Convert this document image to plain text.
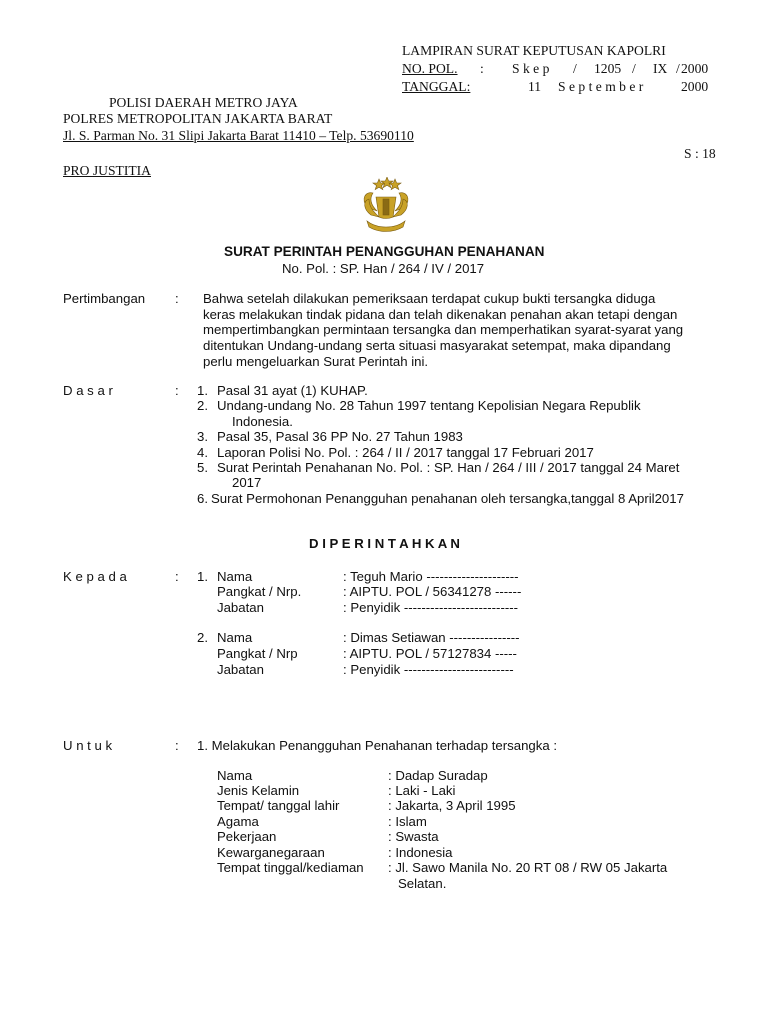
LAMPIRAN SURAT KEPUTUSAN KAPOLRI
NO. POL. : S k e p / 1205 / IX / 2000
TANGGAL:	11 S e p t e m b e r	2000
POLISI DAERAH METRO JAYA
POLRES METROPOLITAN JAKARTA BARAT
Jl. S. Parman No. 31 Slipi Jakarta Barat 11410 – Telp. 53690110
S : 18
PRO JUSTITIA
SURAT PERINTAH PENANGGUHAN PENAHANAN
No. Pol. : SP. Han / 264 / IV / 2017
Pertimbangan : Bahwa setelah dilakukan pemeriksaan terdapat cukup bukti tersangka diduga
keras melakukan tindak pidana dan telah dikenakan penahan akan tetapi dengan
mempertimbangkan permintaan tersangka dan memperhatikan syarat-syarat yang
ditentukan Undang-undang serta situasi masyarakat setempat, maka dipandang
perlu mengeluarkan Surat Perintah ini.
D a s a r	: 1. Pasal 31 ayat (1) KUHAP.
2. Undang-undang No. 28 Tahun 1997 tentang Kepolisian Negara Republik
Indonesia.
3. Pasal 35, Pasal 36 PP No. 27 Tahun 1983
4. Laporan Polisi No. Pol. : 264 / II / 2017 tanggal 17 Februari 2017
5. Surat Perintah Penahanan No. Pol. : SP. Han / 264 / III / 2017 tanggal 24 Maret
2017
6. Surat Permohonan Penangguhan penahanan oleh tersangka,tanggal 8 April2017
D I P E R I N T A H K A N
K e p a d a	: 1. Nama	: Teguh Mario ---------------------
Pangkat / Nrp.	: AIPTU. POL / 56341278 ------
Jabatan	: Penyidik --------------------------
2. Nama	: Dimas Setiawan ----------------
Pangkat / Nrp	: AIPTU. POL / 57127834 -----
Jabatan	: Penyidik -------------------------
U n t u k	: 1. Melakukan Penangguhan Penahanan terhadap tersangka :
Nama	: Dadap Suradap
Jenis Kelamin	: Laki - Laki
Tempat/ tanggal lahir	: Jakarta, 3 April 1995
Agama	: Islam
Pekerjaan	: Swasta
Kewarganegaraan	: Indonesia
Tempat tinggal/kediaman : Jl. Sawo Manila No. 20 RT 08 / RW 05 Jakarta
Selatan.
